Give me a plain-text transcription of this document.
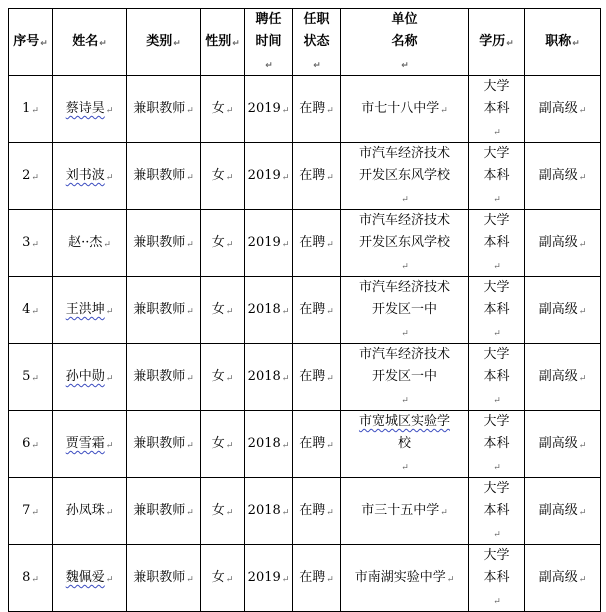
序号↵	姓名↵	类别↵	性别↵	聘任
时间
↵	任职
状态
↵	单位
名称
↵	学历↵	职称↵
1↵	蔡诗昊↵	兼职教师↵	女↵	2019↵	在聘↵	市七十八中学↵	大学
本科
↵	副高级↵
2↵	刘书波↵	兼职教师↵	女↵	2019↵	在聘↵	市汽车经济技术
开发区东风学校
↵	大学
本科
↵	副高级↵
3↵	赵··杰↵	兼职教师↵	女↵	2019↵	在聘↵	市汽车经济技术
开发区东风学校
↵	大学
本科
↵	副高级↵
4↵	王洪坤↵	兼职教师↵	女↵	2018↵	在聘↵	市汽车经济技术
开发区一中
↵	大学
本科
↵	副高级↵
5↵	孙中勋↵	兼职教师↵	女↵	2018↵	在聘↵	市汽车经济技术
开发区一中
↵	大学
本科
↵	副高级↵
6↵	贾雪霜↵	兼职教师↵	女↵	2018↵	在聘↵	市宽城区实验学
校
↵	大学
本科
↵	副高级↵
7↵	孙凤珠↵	兼职教师↵	女↵	2018↵	在聘↵	市三十五中学↵	大学
本科
↵	副高级↵
8↵	魏佩爱↵	兼职教师↵	女↵	2019↵	在聘↵	市南湖实验中学↵	大学
本科
↵	副高级↵
